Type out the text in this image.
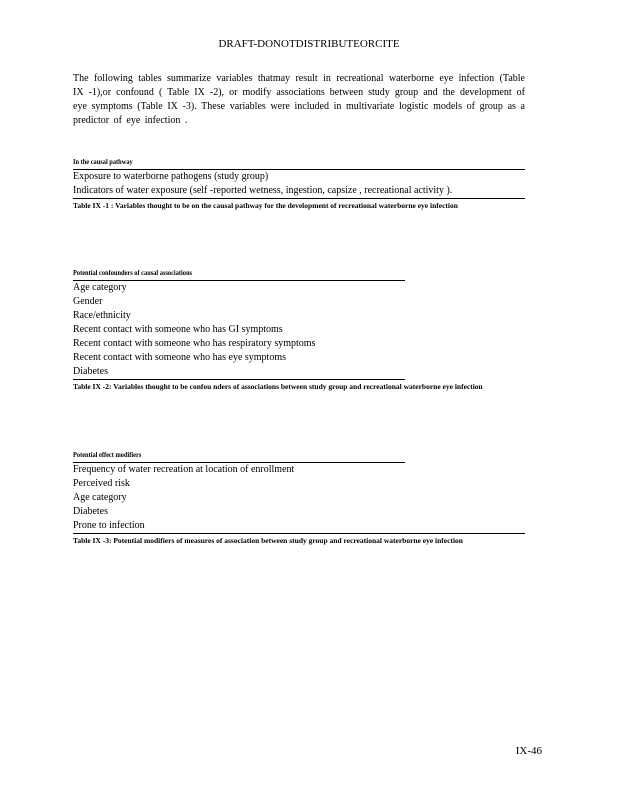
DRAFT-DONOTDISTRIBUTEORCITE

The following tables summarize variables thatmay result in recreational waterborne eye infection (Table IX -1),or confound ( Table IX -2), or modify associations between study group and the development of eye symptoms (Table IX -3). These variables were included in multivariate logistic models of group as a predictor of eye infection .

In the causal pathway
Exposure to waterborne pathogens (study group)
Indicators of water exposure (self -reported wetness, ingestion, capsize , recreational activity ).
Table IX -1 : Variables thought to be on the causal pathway for the development of recreational waterborne eye infection
Potential confounders of causal associations
Age category
Gender
Race/ethnicity
Recent contact with someone who has GI symptoms
Recent contact with someone who has respiratory symptoms
Recent contact with someone who has eye symptoms
Diabetes
Table IX -2: Variables thought to be confou nders of associations between study group and recreational waterborne eye infection
Potential effect modifiers
Frequency of water recreation at location of enrollment
Perceived risk
Age category
Diabetes
Prone to infection
Table IX -3: Potential modifiers of measures of association between study group and recreational waterborne eye infection
IX-46
